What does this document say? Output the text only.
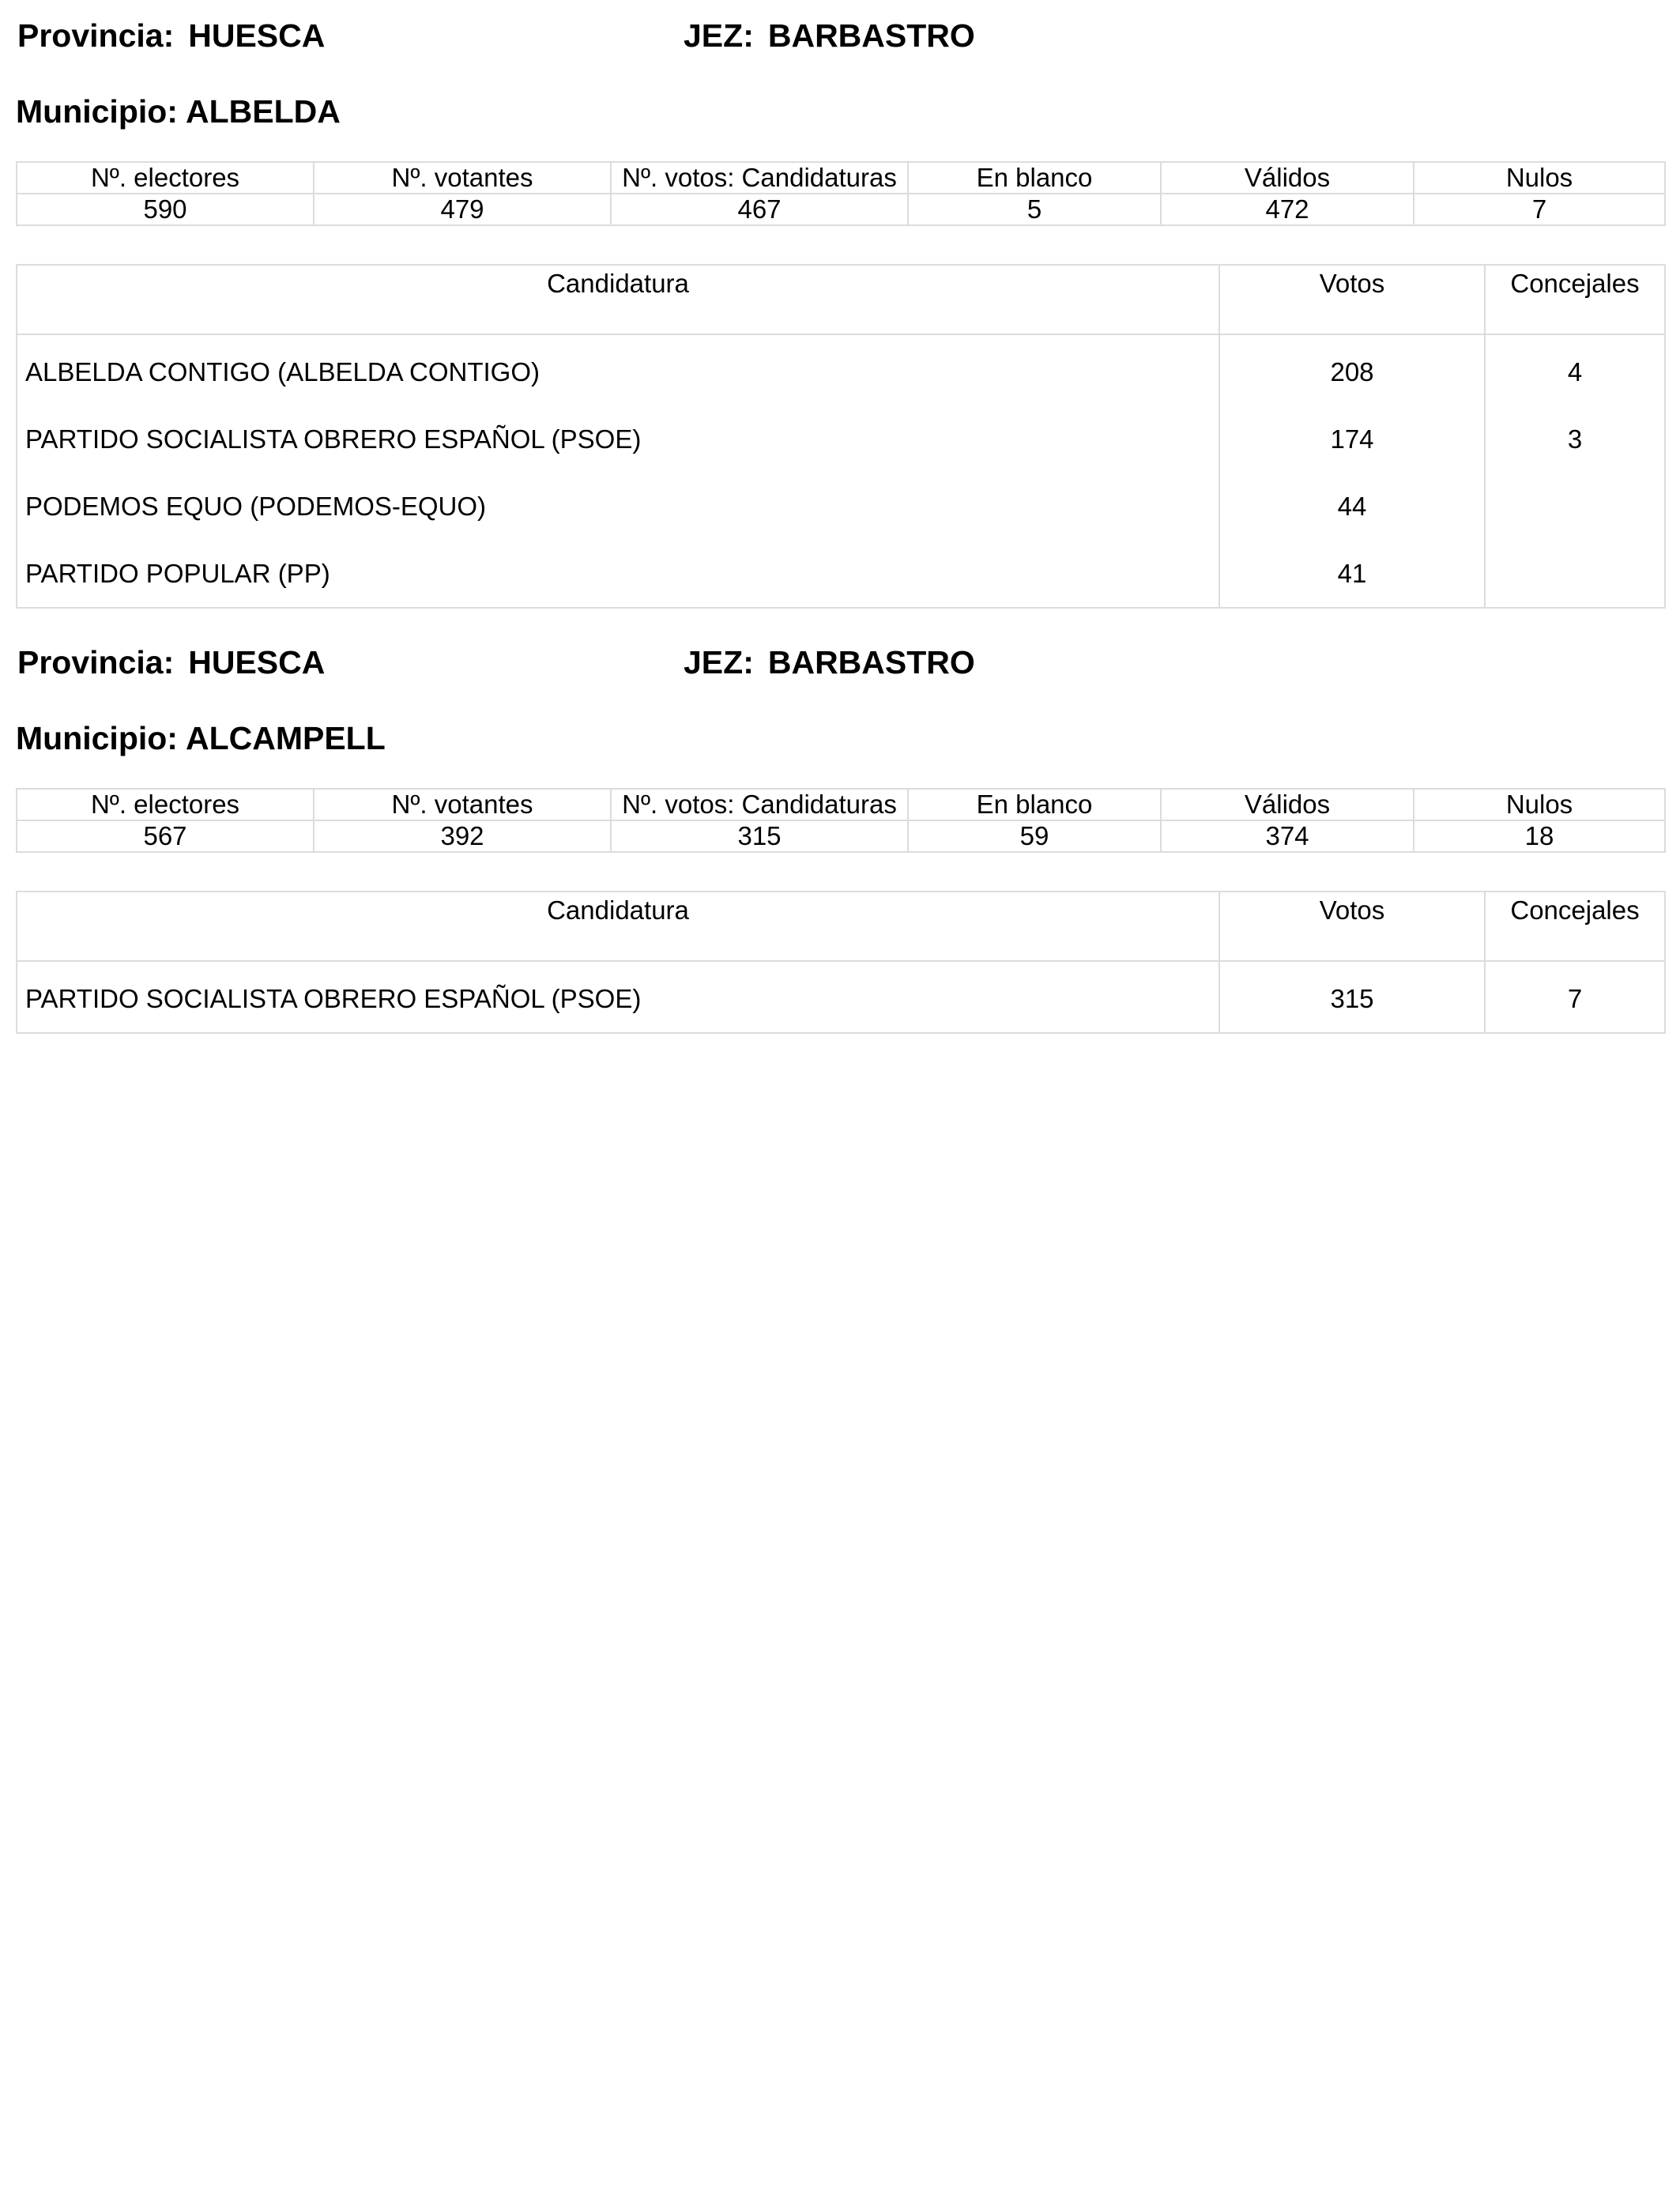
Provincia: HUESCA	JEZ: BARBASTRO
Municipio: ALBELDA
Nº. electores	Nº. votantes	Nº. votos: Candidaturas	En blanco	Válidos	Nulos
590	479	467	5	472	7
Candidatura	Votos	Concejales
ALBELDA CONTIGO (ALBELDA CONTIGO)	208	4
PARTIDO SOCIALISTA OBRERO ESPAÑOL (PSOE)	174	3
PODEMOS EQUO (PODEMOS-EQUO)	44	
PARTIDO POPULAR (PP)	41	
Provincia: HUESCA	JEZ: BARBASTRO
Municipio: ALCAMPELL
Nº. electores	Nº. votantes	Nº. votos: Candidaturas	En blanco	Válidos	Nulos
567	392	315	59	374	18
Candidatura	Votos	Concejales
PARTIDO SOCIALISTA OBRERO ESPAÑOL (PSOE)	315	7
